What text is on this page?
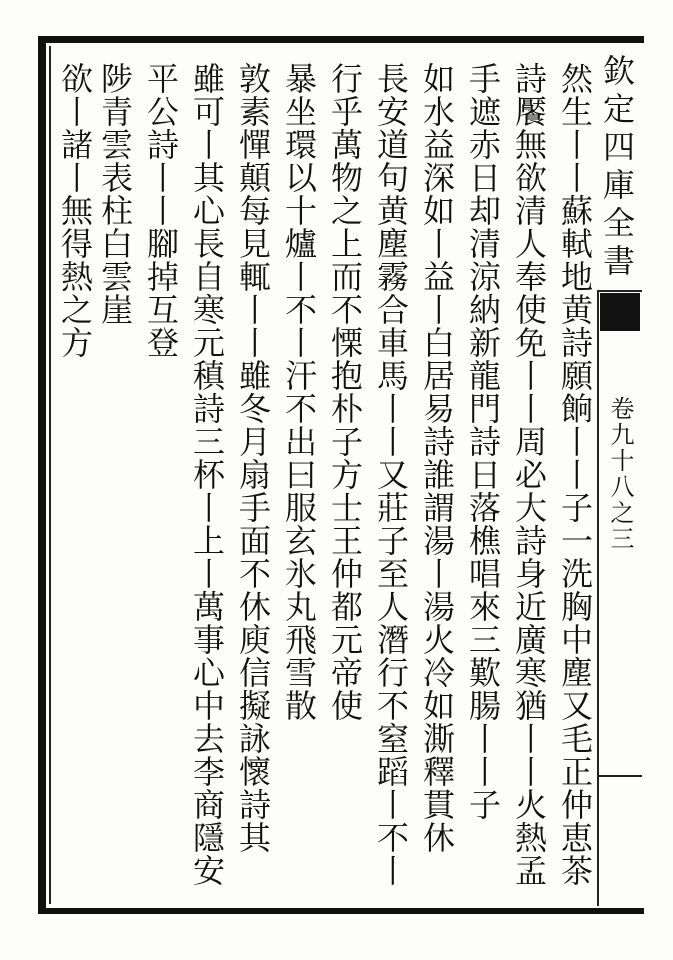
欽定四庫全書
卷九十八之三
然生丨丨蘇軾地黄詩願餉丨丨子一洗胸中塵又毛正仲恵茶
詩饜無欲清人奉使免丨丨周必大詩身近廣寒猶丨丨火熱孟
手遮赤日却清涼納新龍門詩日落樵唱來三歎腸丨丨子
如水益深如丨益丨白居易詩誰謂湯丨湯火冷如澌釋貫休
長安道句黄塵霧合車馬丨丨又莊子至人潛行不窒蹈丨不丨
行乎萬物之上而不慄抱朴子方士王仲都元帝使
暴坐環以十爐丨不丨汗不出曰服玄氷丸飛雪散
敦素憚顛每見輒丨丨雖冬月扇手面不休庾信擬詠懷詩其
雖可丨其心長自寒元稹詩三杯丨上丨萬事心中去李商隱安
平公詩丨丨腳掉互登
陟青雲表柱白雲崖
欲丨諸丨無得熱之方
